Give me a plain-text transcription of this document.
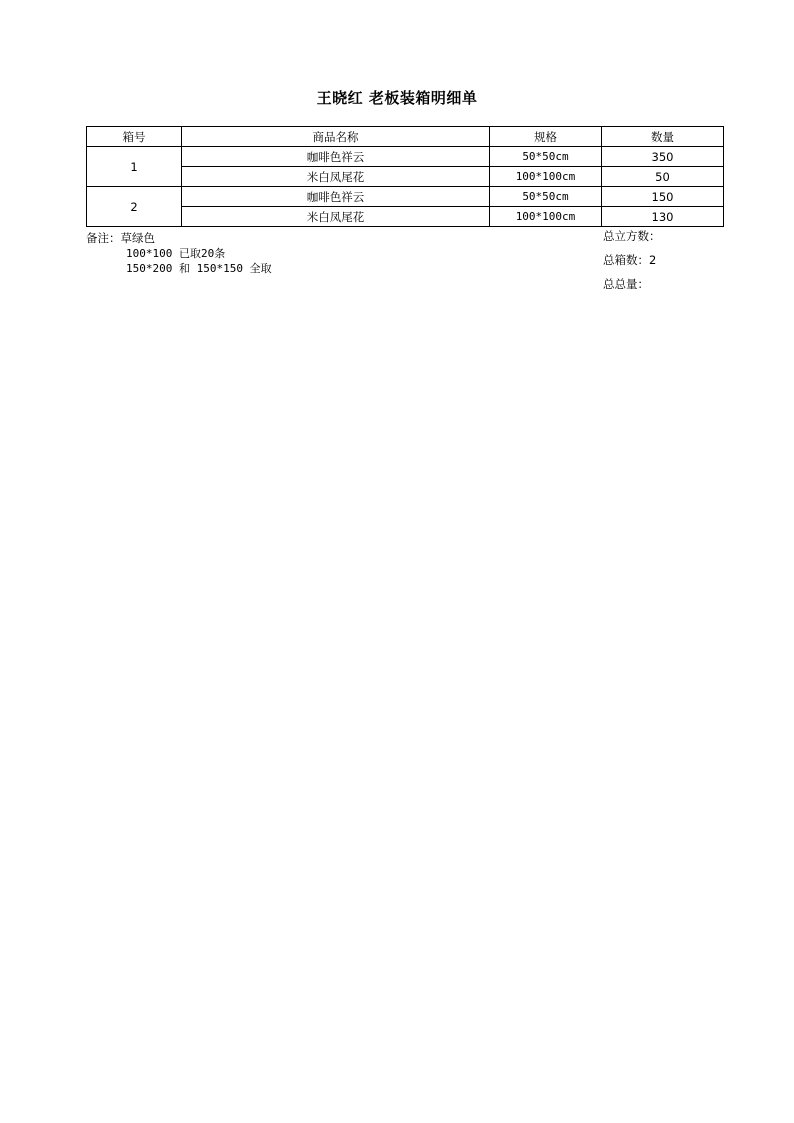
王晓红 老板装箱明细单
箱号	商品名称	规格	数量
1	咖啡色祥云	50*50cm	350
	米白凤尾花	100*100cm	50
2	咖啡色祥云	50*50cm	150
	米白凤尾花	100*100cm	130
备注：草绿色
100*100 已取20条
150*200 和 150*150 全取
总立方数：
总箱数：2
总总量：
